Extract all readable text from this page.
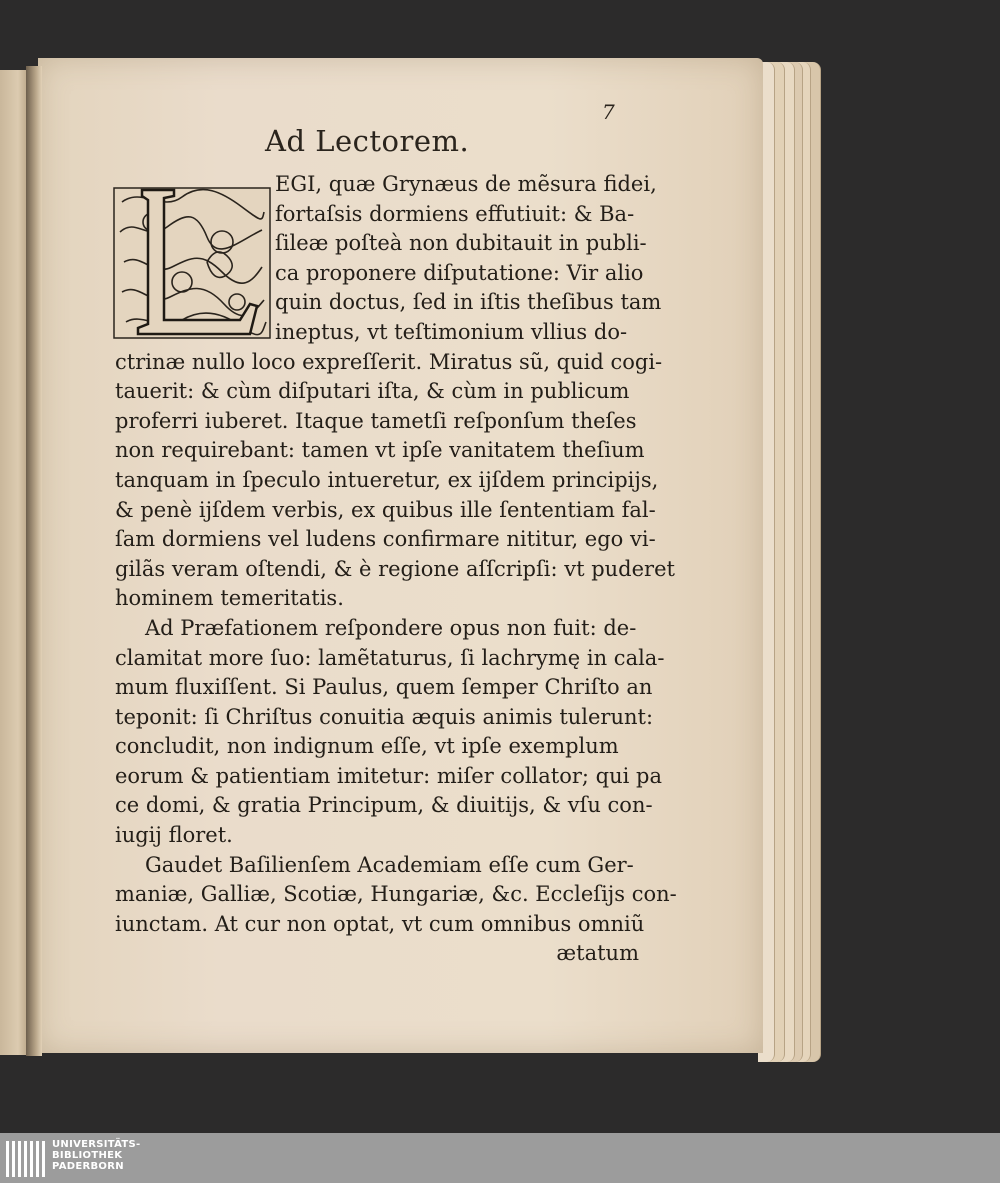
7
Ad Lectorem.
EGI, quæ Grynæus de mẽsura fidei,
fortaſsis dormiens effutiuit: & Ba-
ſileæ poſteà non dubitauit in publi-
ca proponere diſputatione: Vir alio
quin doctus, ſed in iſtis theſibus tam
ineptus, vt teſtimonium vllius do-
ctrinæ nullo loco expreſſerit. Miratus sũ, quid cogi-
tauerit: & cùm diſputari iſta, & cùm in publicum
proferri iuberet. Itaque tametſi reſponſum theſes
non requirebant: tamen vt ipſe vanitatem theſium
tanquam in ſpeculo intueretur, ex ijſdem principijs,
& penè ijſdem verbis, ex quibus ille ſententiam fal-
ſam dormiens vel ludens confirmare nititur, ego vi-
gilãs veram oſtendi, & è regione aſſcripſi: vt puderet
hominem temeritatis.
Ad Præfationem reſpondere opus non fuit: de-
clamitat more ſuo: lamẽtaturus, ſi lachrymę in cala-
mum fluxiſſent. Si Paulus, quem ſemper Chriſto an
teponit: ſi Chriſtus conuitia æquis animis tulerunt:
concludit, non indignum eſſe, vt ipſe exemplum
eorum & patientiam imitetur: miſer collator; qui pa
ce domi, & gratia Principum, & diuitijs, & vſu con-
iugij floret.
Gaudet Baſilienſem Academiam eſſe cum Ger-
maniæ, Galliæ, Scotiæ, Hungariæ, &c. Eccleſijs con-
iunctam. At cur non optat, vt cum omnibus omniũ
ætatum
UNIVERSITÄTS-
BIBLIOTHEK
PADERBORN
